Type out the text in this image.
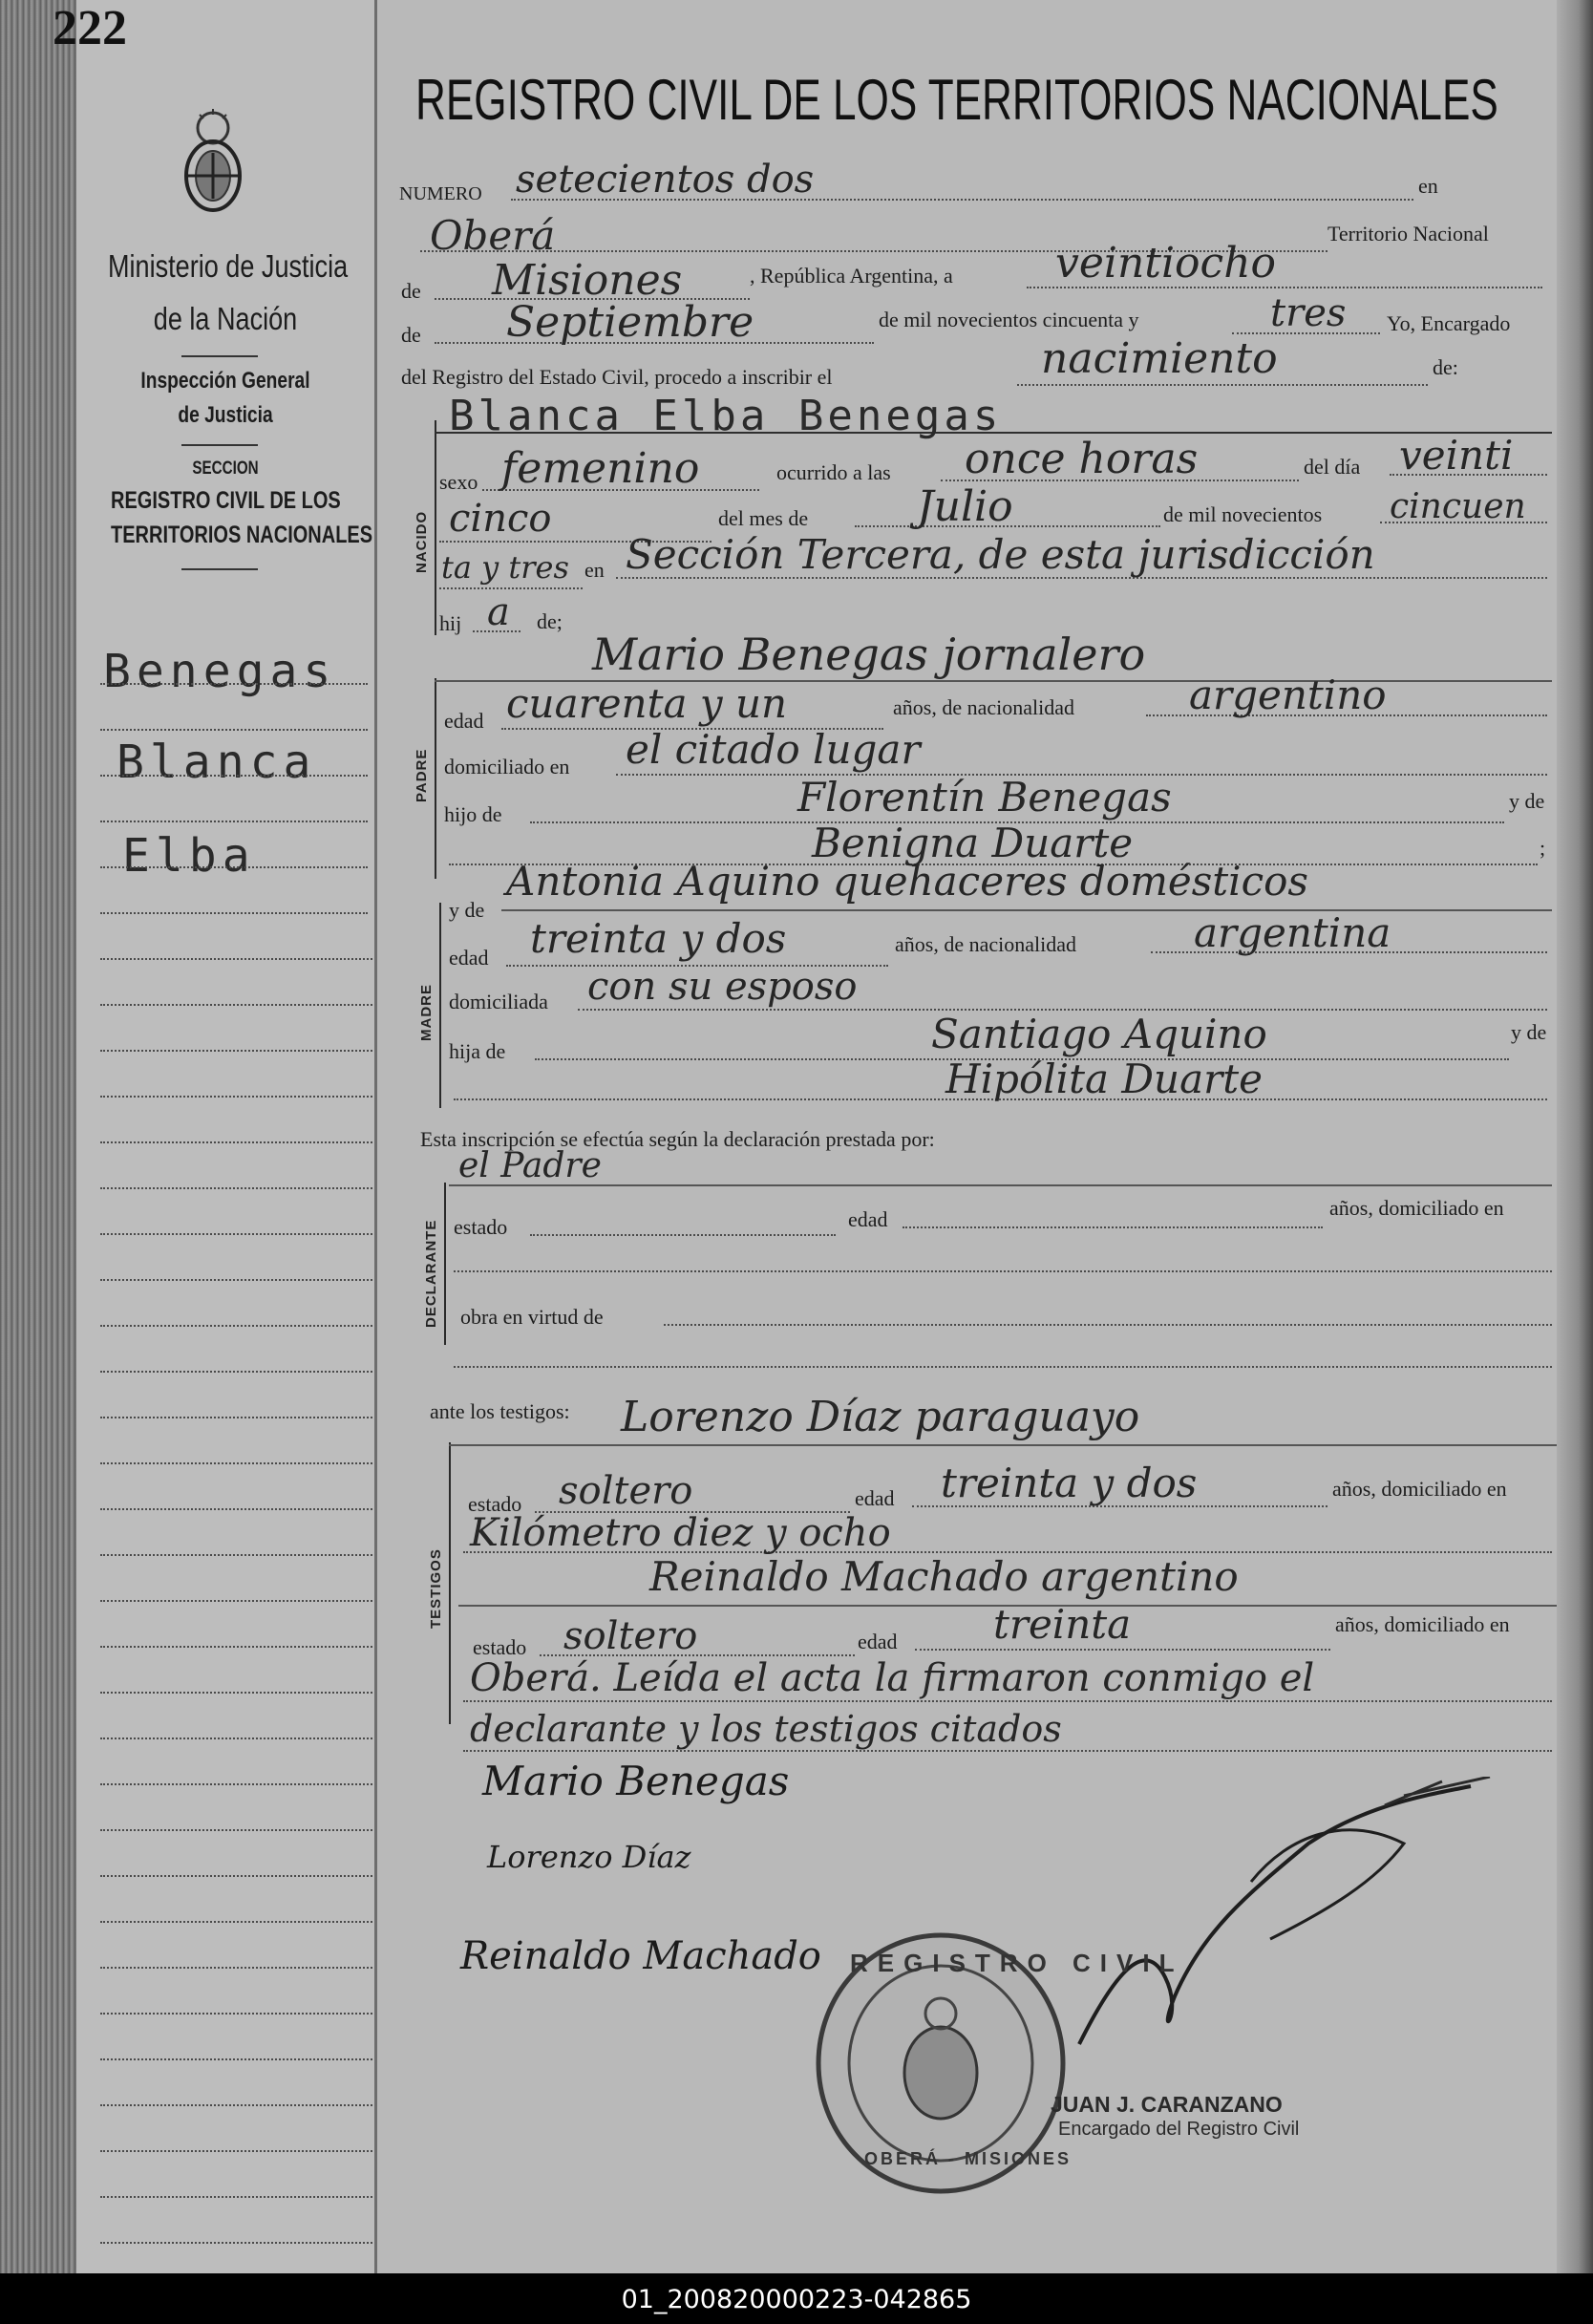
222
Ministerio de Justicia
de la Nación
Inspección General
de Justicia
SECCION
REGISTRO CIVIL DE LOS
TERRITORIOS NACIONALES
Benegas
Blanca
Elba
REGISTRO CIVIL DE LOS TERRITORIOS NACIONALES
NUMERO setecientos dos	en
Oberá	Territorio Nacional
de Misiones	, República Argentina, a veintiocho
de Septiembre	de mil novecientos cincuenta y	tres Yo, Encargado
del Registro del Estado Civil, procedo a inscribir el	nacimiento	de:
NACIDO
Blanca Elba Benegas
sexo femenino	ocurrido a las once horas	del día veinti
cinco	del mes de	Julio	de mil novecientos cincuen
ta y tres en Sección Tercera, de esta jurisdicción
hij a de;
PADRE
Mario Benegas jornalero
edad cuarenta y un	años, de nacionalidad	argentino
domiciliado en el citado lugar
hijo de	Florentín Benegas	y de
Benigna Duarte	;
MADRE
y de
Antonia Aquino quehaceres domésticos
edad treinta y dos	años, de nacionalidad	argentina
domiciliada con su esposo
hija de	Santiago Aquino	y de
Hipólita Duarte
Esta inscripción se efectúa según la declaración prestada por:
el Padre
DECLARANTE estado	edad	años, domiciliado en
obra en virtud de
ante los testigos:
TESTIGOS
Lorenzo Díaz paraguayo
estado soltero	edad treinta y dos	años, domiciliado en
Kilómetro diez y ocho
Reinaldo Machado argentino
estado soltero	edad treinta	años, domiciliado en
Oberá. Leída el acta la firmaron conmigo el
declarante y los testigos citados
Mario Benegas
Lorenzo Díaz
Reinaldo Machado REGISTRO CIVIL
OBERÁ - MISIONES
JUAN J. CARANZANO
Encargado del Registro Civil
01_200820000223-042865
